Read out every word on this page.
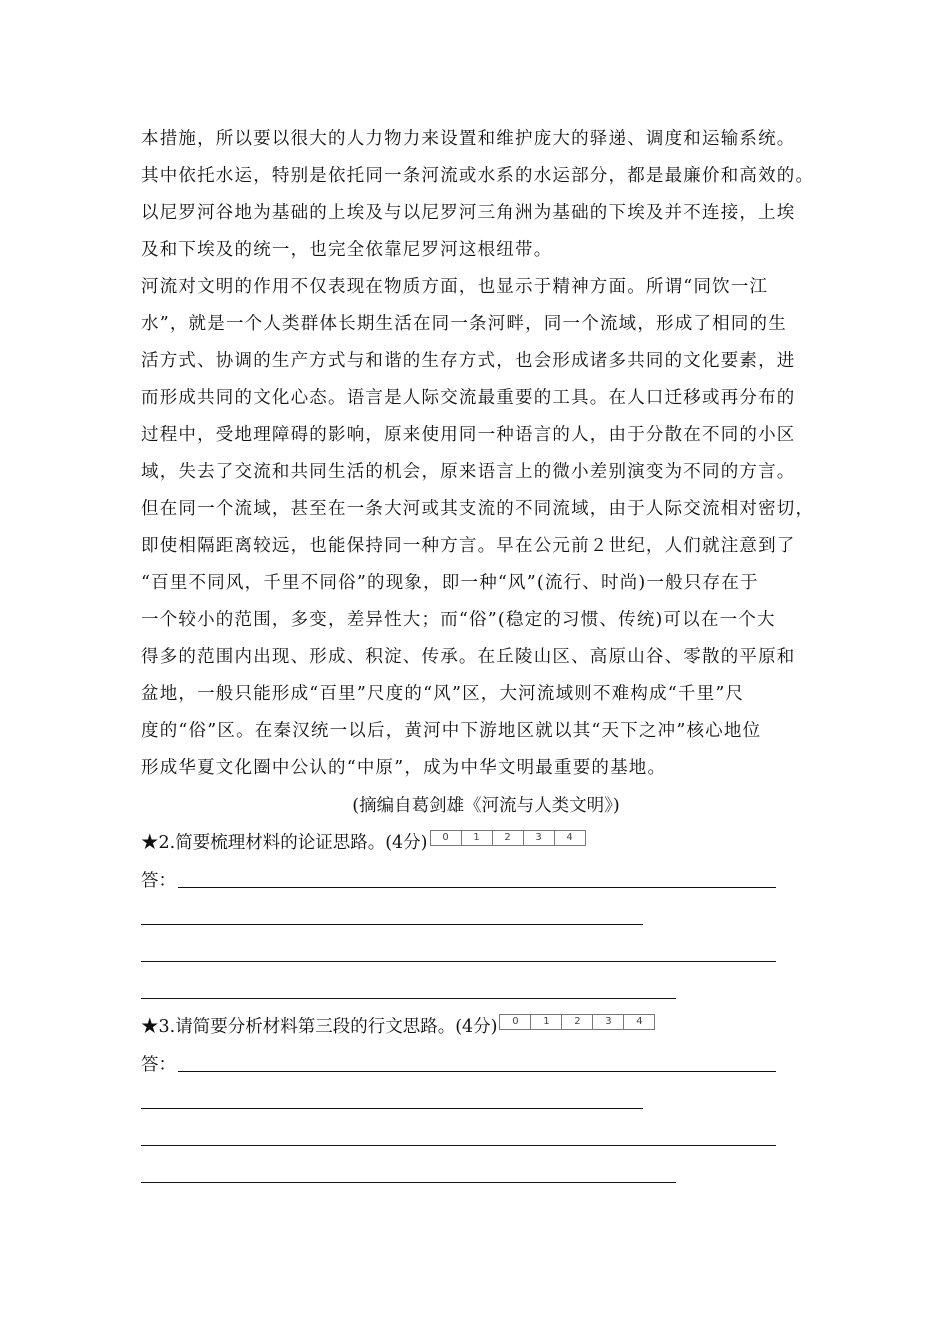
本措施，所以要以很大的人力物力来设置和维护庞大的驿递、调度和运输系统。
其中依托水运，特别是依托同一条河流或水系的水运部分，都是最廉价和高效的。
以尼罗河谷地为基础的上埃及与以尼罗河三角洲为基础的下埃及并不连接，上埃
及和下埃及的统一，也完全依靠尼罗河这根纽带。
河流对文明的作用不仅表现在物质方面，也显示于精神方面。所谓“同饮一江
水”，就是一个人类群体长期生活在同一条河畔，同一个流域，形成了相同的生
活方式、协调的生产方式与和谐的生存方式，也会形成诸多共同的文化要素，进
而形成共同的文化心态。语言是人际交流最重要的工具。在人口迁移或再分布的
过程中，受地理障碍的影响，原来使用同一种语言的人，由于分散在不同的小区
域，失去了交流和共同生活的机会，原来语言上的微小差别演变为不同的方言。
但在同一个流域，甚至在一条大河或其支流的不同流域，由于人际交流相对密切，
即使相隔距离较远，也能保持同一种方言。早在公元前２世纪，人们就注意到了
“百里不同风，千里不同俗”的现象，即一种“风”(流行、时尚)一般只存在于
一个较小的范围，多变，差异性大；而“俗”(稳定的习惯、传统)可以在一个大
得多的范围内出现、形成、积淀、传承。在丘陵山区、高原山谷、零散的平原和
盆地，一般只能形成“百里”尺度的“风”区，大河流域则不难构成“千里”尺
度的“俗”区。在秦汉统一以后，黄河中下游地区就以其“天下之冲”核心地位
形成华夏文化圈中公认的“中原”，成为中华文明最重要的基地。
(摘编自葛剑雄《河流与人类文明》)
★2.简要梳理材料的论证思路。(4分)	0	1	2	3	4
答：
★3.请简要分析材料第三段的行文思路。(4分)	0	1	2	3	4
答：
